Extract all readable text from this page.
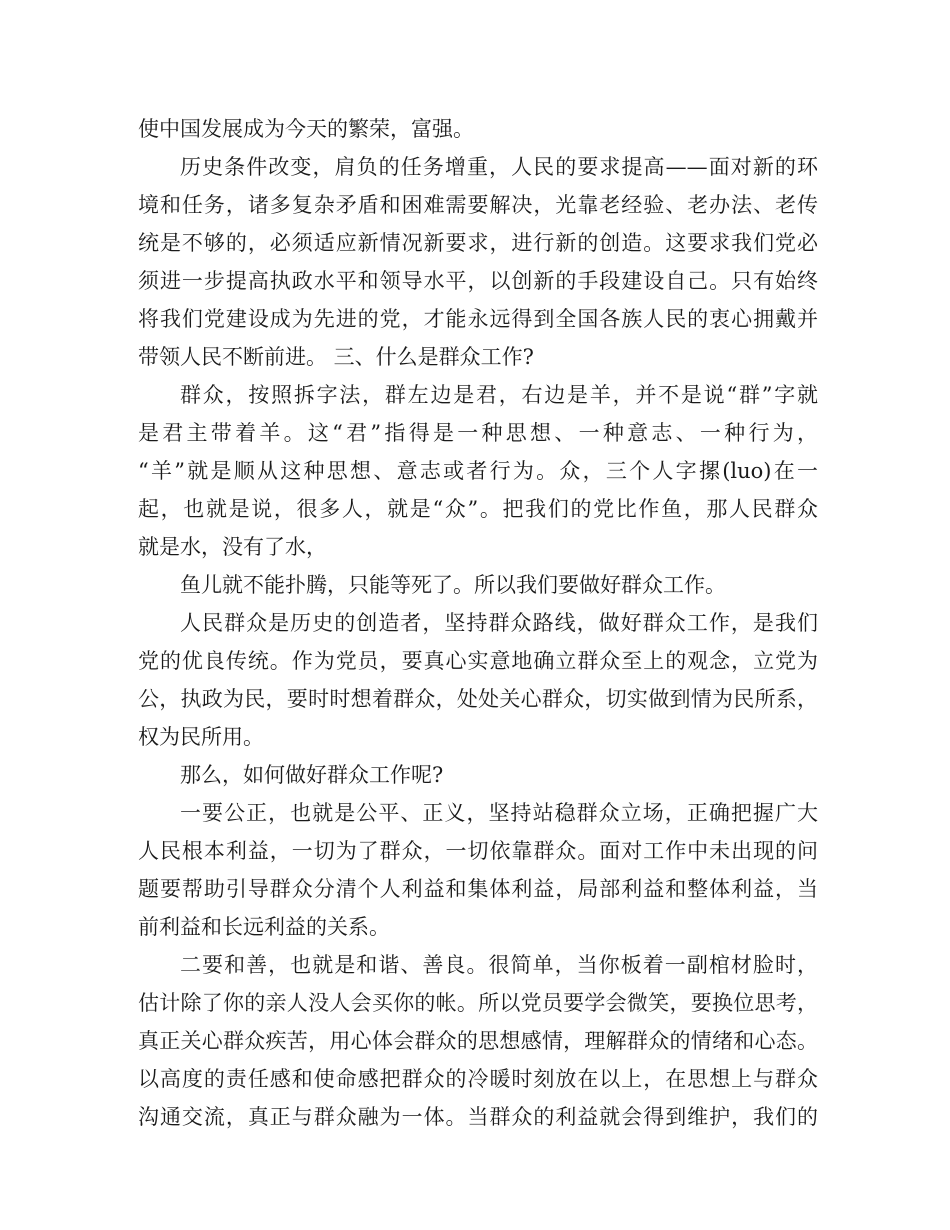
使中国发展成为今天的繁荣，富强。
历史条件改变，肩负的任务增重，人民的要求提高——面对新的环
境和任务，诸多复杂矛盾和困难需要解决，光靠老经验、老办法、老传
统是不够的，必须适应新情况新要求，进行新的创造。这要求我们党必
须进一步提高执政水平和领导水平，以创新的手段建设自己。只有始终
将我们党建设成为先进的党，才能永远得到全国各族人民的衷心拥戴并
带领人民不断前进。 三、什么是群众工作?
群众，按照拆字法，群左边是君，右边是羊，并不是说“群”字就
是君主带着羊。这“君”指得是一种思想、一种意志、一种行为，
“羊”就是顺从这种思想、意志或者行为。众，三个人字摞(luo)在一
起，也就是说，很多人，就是“众”。把我们的党比作鱼，那人民群众
就是水，没有了水，
鱼儿就不能扑腾，只能等死了。所以我们要做好群众工作。
人民群众是历史的创造者，坚持群众路线，做好群众工作，是我们
党的优良传统。作为党员，要真心实意地确立群众至上的观念，立党为
公，执政为民，要时时想着群众，处处关心群众，切实做到情为民所系，
权为民所用。
那么，如何做好群众工作呢?
一要公正，也就是公平、正义，坚持站稳群众立场，正确把握广大
人民根本利益，一切为了群众，一切依靠群众。面对工作中未出现的问
题要帮助引导群众分清个人利益和集体利益，局部利益和整体利益，当
前利益和长远利益的关系。
二要和善，也就是和谐、善良。很简单，当你板着一副棺材脸时，
估计除了你的亲人没人会买你的帐。所以党员要学会微笑，要换位思考，
真正关心群众疾苦，用心体会群众的思想感情，理解群众的情绪和心态。
以高度的责任感和使命感把群众的冷暖时刻放在以上，在思想上与群众
沟通交流，真正与群众融为一体。当群众的利益就会得到维护，我们的
